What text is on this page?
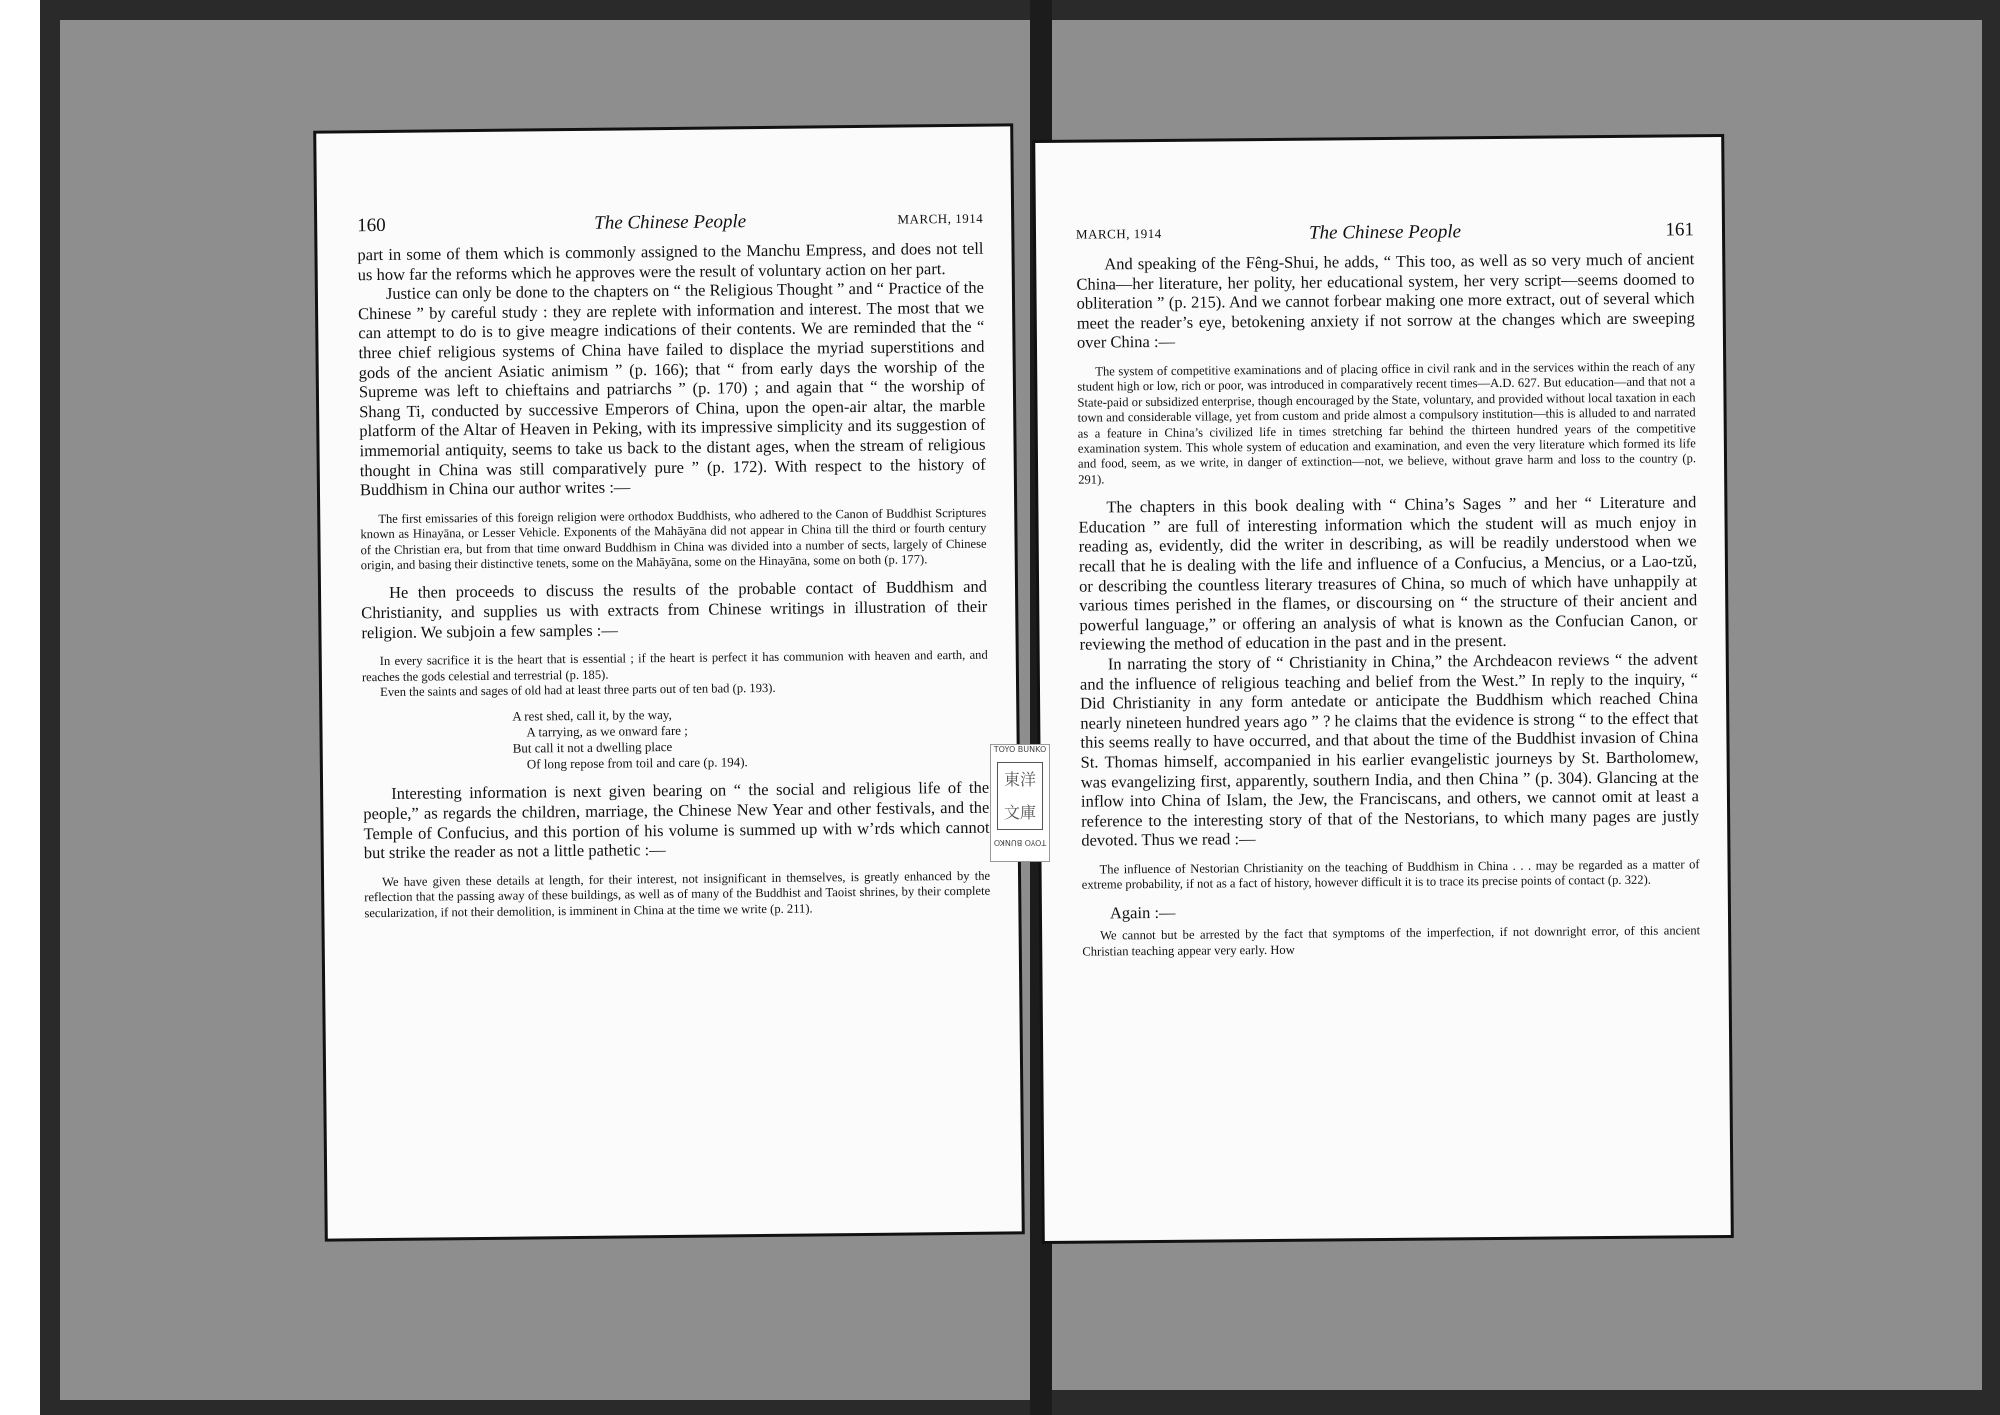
160	The Chinese People	MARCH, 1914

part in some of them which is commonly assigned to the Manchu Empress, and does not tell us how far the reforms which he approves were the result of voluntary action on her part.

Justice can only be done to the chapters on “ the Religious Thought ” and “ Practice of the Chinese ” by careful study : they are replete with information and interest. The most that we can attempt to do is to give meagre indications of their contents. We are reminded that the “ three chief religious systems of China have failed to displace the myriad superstitions and gods of the ancient Asiatic animism ” (p. 166); that “ from early days the worship of the Supreme was left to chieftains and patriarchs ” (p. 170) ; and again that “ the worship of Shang Ti, conducted by successive Emperors of China, upon the open-air altar, the marble platform of the Altar of Heaven in Peking, with its impressive simplicity and its suggestion of immemorial antiquity, seems to take us back to the distant ages, when the stream of religious thought in China was still comparatively pure ” (p. 172). With respect to the history of Buddhism in China our author writes :—

The first emissaries of this foreign religion were orthodox Buddhists, who adhered to the Canon of Buddhist Scriptures known as Hinayāna, or Lesser Vehicle. Exponents of the Mahāyāna did not appear in China till the third or fourth century of the Christian era, but from that time onward Buddhism in China was divided into a number of sects, largely of Chinese origin, and basing their distinctive tenets, some on the Mahāyāna, some on the Hinayāna, some on both (p. 177).

He then proceeds to discuss the results of the probable contact of Buddhism and Christianity, and supplies us with extracts from Chinese writings in illustration of their religion. We subjoin a few samples :—

In every sacrifice it is the heart that is essential ; if the heart is perfect it has communion with heaven and earth, and reaches the gods celestial and terrestrial (p. 185).

Even the saints and sages of old had at least three parts out of ten bad (p. 193).

A rest shed, call it, by the way,
A tarrying, as we onward fare ;
But call it not a dwelling place
Of long repose from toil and care (p. 194).

Interesting information is next given bearing on “ the social and religious life of the people,” as regards the children, marriage, the Chinese New Year and other festivals, and the Temple of Confucius, and this portion of his volume is summed up with w’rds which cannot but strike the reader as not a little pathetic :—

We have given these details at length, for their interest, not insignificant in themselves, is greatly enhanced by the reflection that the passing away of these buildings, as well as of many of the Buddhist and Taoist shrines, by their complete secularization, if not their demolition, is imminent in China at the time we write (p. 211).

MARCH, 1914	The Chinese People	161

And speaking of the Fêng-Shui, he adds, “ This too, as well as so very much of ancient China—her literature, her polity, her educational system, her very script—seems doomed to obliteration ” (p. 215). And we cannot forbear making one more extract, out of several which meet the reader’s eye, betokening anxiety if not sorrow at the changes which are sweeping over China :—

The system of competitive examinations and of placing office in civil rank and in the services within the reach of any student high or low, rich or poor, was introduced in comparatively recent times—A.D. 627. But education—and that not a State-paid or subsidized enterprise, though encouraged by the State, voluntary, and provided without local taxation in each town and considerable village, yet from custom and pride almost a compulsory institution—this is alluded to and narrated as a feature in China’s civilized life in times stretching far behind the thirteen hundred years of the competitive examination system. This whole system of education and examination, and even the very literature which formed its life and food, seem, as we write, in danger of extinction—not, we believe, without grave harm and loss to the country (p. 291).

The chapters in this book dealing with “ China’s Sages ” and her “ Literature and Education ” are full of interesting information which the student will as much enjoy in reading as, evidently, did the writer in describing, as will be readily understood when we recall that he is dealing with the life and influence of a Confucius, a Mencius, or a Lao-tzŭ, or describing the countless literary treasures of China, so much of which have unhappily at various times perished in the flames, or discoursing on “ the structure of their ancient and powerful language,” or offering an analysis of what is known as the Confucian Canon, or reviewing the method of education in the past and in the present.

In narrating the story of “ Christianity in China,” the Archdeacon reviews “ the advent and the influence of religious teaching and belief from the West.” In reply to the inquiry, “ Did Christianity in any form antedate or anticipate the Buddhism which reached China nearly nineteen hundred years ago ” ? he claims that the evidence is strong “ to the effect that this seems really to have occurred, and that about the time of the Buddhist invasion of China St. Thomas himself, accompanied in his earlier evangelistic journeys by St. Bartholomew, was evangelizing first, apparently, southern India, and then China ” (p. 304). Glancing at the inflow into China of Islam, the Jew, the Franciscans, and others, we cannot omit at least a reference to the interesting story of that of the Nestorians, to which many pages are justly devoted. Thus we read :—

The influence of Nestorian Christianity on the teaching of Buddhism in China . . . may be regarded as a matter of extreme probability, if not as a fact of history, however difficult it is to trace its precise points of contact (p. 322).

Again :—

We cannot but be arrested by the fact that symptoms of the imperfection, if not downright error, of this ancient Christian teaching appear very early. How

TOYO BUNKO
東洋文庫
TOYO BUNKO
